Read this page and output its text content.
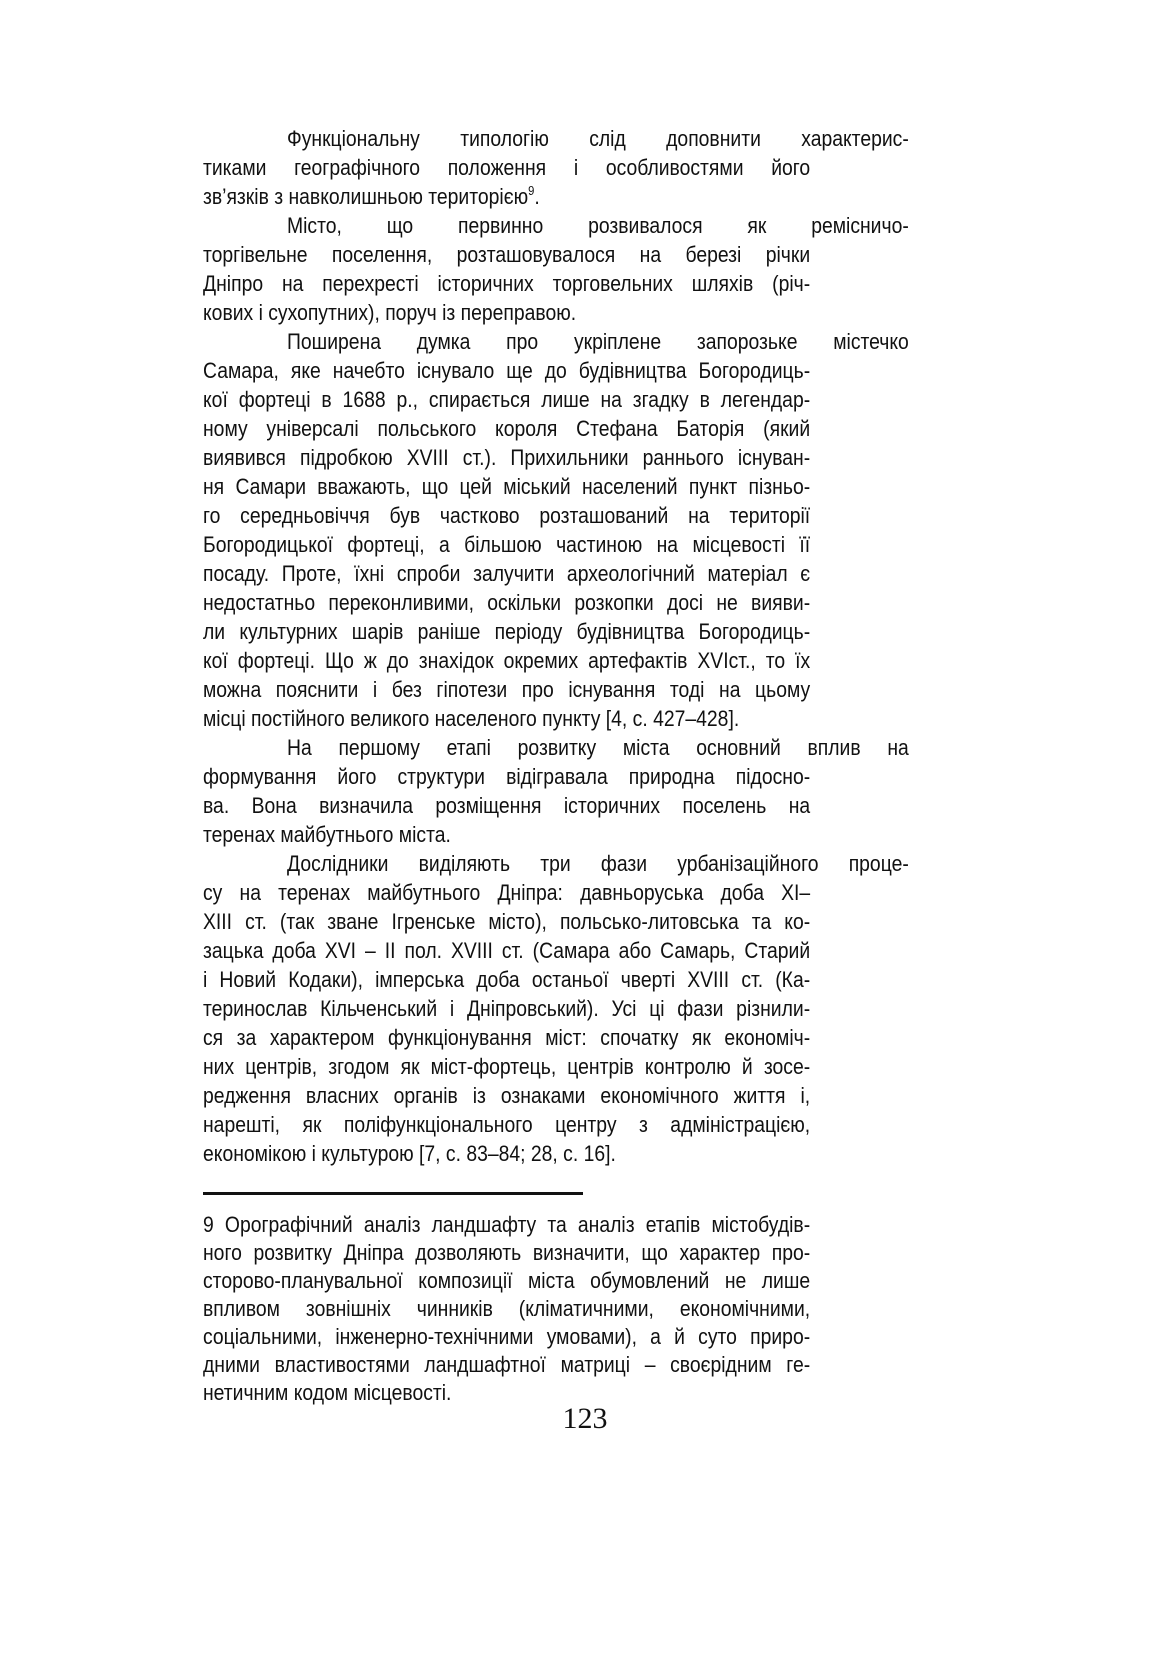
Функціональну типологію слід доповнити характерис-
тиками географічного положення і особливостями його
зв’язків з навколишньою територією$^9$.
Місто, що первинно розвивалося як ремісничо-
торгівельне поселення, розташовувалося на березі річки
Дніпро на перехресті історичних торговельних шляхів (річ-
кових і сухопутних), поруч із переправою.
Поширена думка про укріплене запорозьке містечко
Самара, яке начебто існувало ще до будівництва Богородиць-
кої фортеці в 1688 р., спирається лише на згадку в легендар-
ному універсалі польського короля Стефана Баторія (який
виявився підробкою XVIII ст.). Прихильники раннього існуван-
ня Самари вважають, що цей міський населений пункт пізньо-
го середньовіччя був частково розташований на території
Богородицької фортеці, а більшою частиною на місцевості її
посаду. Проте, їхні спроби залучити археологічний матеріал є
недостатньо переконливими, оскільки розкопки досі не вияви-
ли культурних шарів раніше періоду будівництва Богородиць-
кої фортеці. Що ж до знахідок окремих артефактів XVIст., то їх
можна пояснити і без гіпотези про існування тоді на цьому
місці постійного великого населеного пункту [4, с. 427–428].
На першому етапі розвитку міста основний вплив на
формування його структури відігравала природна підосно-
ва. Вона визначила розміщення історичних поселень на
теренах майбутнього міста.
Дослідники виділяють три фази урбанізаційного проце-
су на теренах майбутнього Дніпра: давньоруська доба XI–
XIII ст. (так зване Ігренське місто), польсько-литовська та ко-
зацька доба XVI – II пол. XVIII ст. (Самара або Самарь, Старий
і Новий Кодаки), імперська доба останьої чверті XVIII ст. (Ка-
теринослав Кільченський і Дніпровський). Усі ці фази різнили-
ся за характером функціонування міст: спочатку як економіч-
них центрів, згодом як міст-фортець, центрів контролю й зосе-
редження власних органів із ознаками економічного життя і,
нарешті, як поліфункціонального центру з адміністрацією,
економікою і культурою [7, с. 83–84; 28, с. 16].
9 Орографічний аналіз ландшафту та аналіз етапів містобудів-
ного розвитку Дніпра дозволяють визначити, що характер про-
сторово-планувальної композиції міста обумовлений не лише
впливом зовнішніх чинників (кліматичними, економічними,
соціальними, інженерно-технічними умовами), а й суто приро-
дними властивостями ландшафтної матриці – своєрідним ге-
нетичним кодом місцевості.
123
